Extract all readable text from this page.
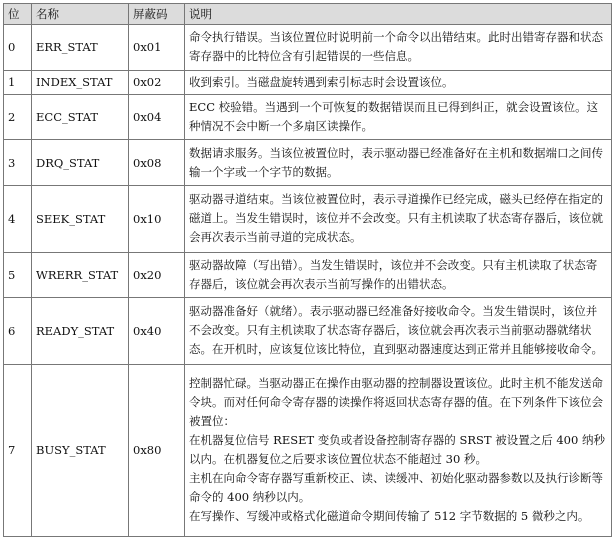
位	名称	屏蔽码	说明
0	ERR_STAT	0x01	命令执行错误。当该位置位时说明前一个命令以出错结束。此时出错寄存器和状态寄存器中的比特位含有引起错误的一些信息。

1	INDEX_STAT	0x02	收到索引。当磁盘旋转遇到索引标志时会设置该位。

2	ECC_STAT	0x04	ECC 校验错。当遇到一个可恢复的数据错误而且已得到纠正，就会设置该位。这种情况不会中断一个多扇区读操作。

3	DRQ_STAT	0x08	数据请求服务。当该位被置位时，表示驱动器已经准备好在主机和数据端口之间传输一个字或一个字节的数据。

4	SEEK_STAT	0x10	驱动器寻道结束。当该位被置位时，表示寻道操作已经完成，磁头已经停在指定的磁道上。当发生错误时，该位并不会改变。只有主机读取了状态寄存器后，该位就会再次表示当前寻道的完成状态。

5	WRERR_STAT	0x20	驱动器故障（写出错）。当发生错误时，该位并不会改变。只有主机读取了状态寄存器后，该位就会再次表示当前写操作的出错状态。

6	READY_STAT	0x40	驱动器准备好（就绪）。表示驱动器已经准备好接收命令。当发生错误时，该位并不会改变。只有主机读取了状态寄存器后，该位就会再次表示当前驱动器就绪状态。在开机时，应该复位该比特位，直到驱动器速度达到正常并且能够接收命令。

7	BUSY_STAT	0x80	控制器忙碌。当驱动器正在操作由驱动器的控制器设置该位。此时主机不能发送命令块。而对任何命令寄存器的读操作将返回状态寄存器的值。在下列条件下该位会被置位：

在机器复位信号 RESET 变负或者设备控制寄存器的 SRST 被设置之后 400 纳秒以内。在机器复位之后要求该位置位状态不能超过 30 秒。

主机在向命令寄存器写重新校正、读、读缓冲、初始化驱动器参数以及执行诊断等命令的 400 纳秒以内。

在写操作、写缓冲或格式化磁道命令期间传输了 512 字节数据的 5 微秒之内。
